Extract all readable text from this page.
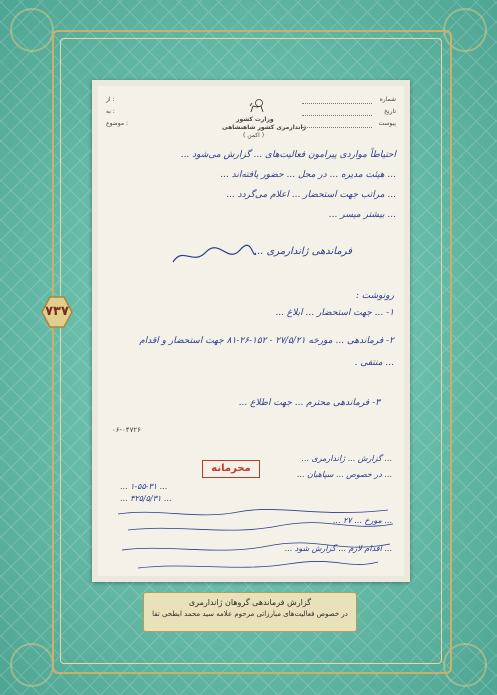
۷۳۷
شماره
تاریخ
پیوست
وزارت کشور
ژاندارمری کشور شاهنشاهی
( اکمن )
از :
به :
موضوع :
احتیاطاً مواردی پیرامون فعالیت‌های ... گزارش می‌شود ...
... هیئت مدیره ... در محل ... حضور یافته‌اند ...
... مراتب جهت استحضار ... اعلام می‌گردد ...
... بیشتر میسر ...
فرماندهی ژاندارمری ...
رونوشت :
۱- ... جهت استحضار ... ابلاغ ...
۲- فرماندهی ... مورخه ۲۷/۵/۲۱ - ۱۵۲-۲۶-۸۱ جهت استحضار و اقدام
... منتفی .
۳- فرماندهی محترم ... جهت اطلاع ...
۰۶-۰۴۷۲۶
محرمانه
... گزارش ... ژاندارمری ...
... در خصوص ... سپاهیان ...
... ۱-۵۵-۳۱ ...
... ۳۲۵/۵/۳۱ ...
... مورخ ... ۲۷ ...
... اقدام لازم ... گزارش شود ...
گزارش فرماندهی گروهان ژاندارمری
در خصوص فعالیت‌های مبارزاتی مرحوم علامه سید محمد ابطحی تفا
